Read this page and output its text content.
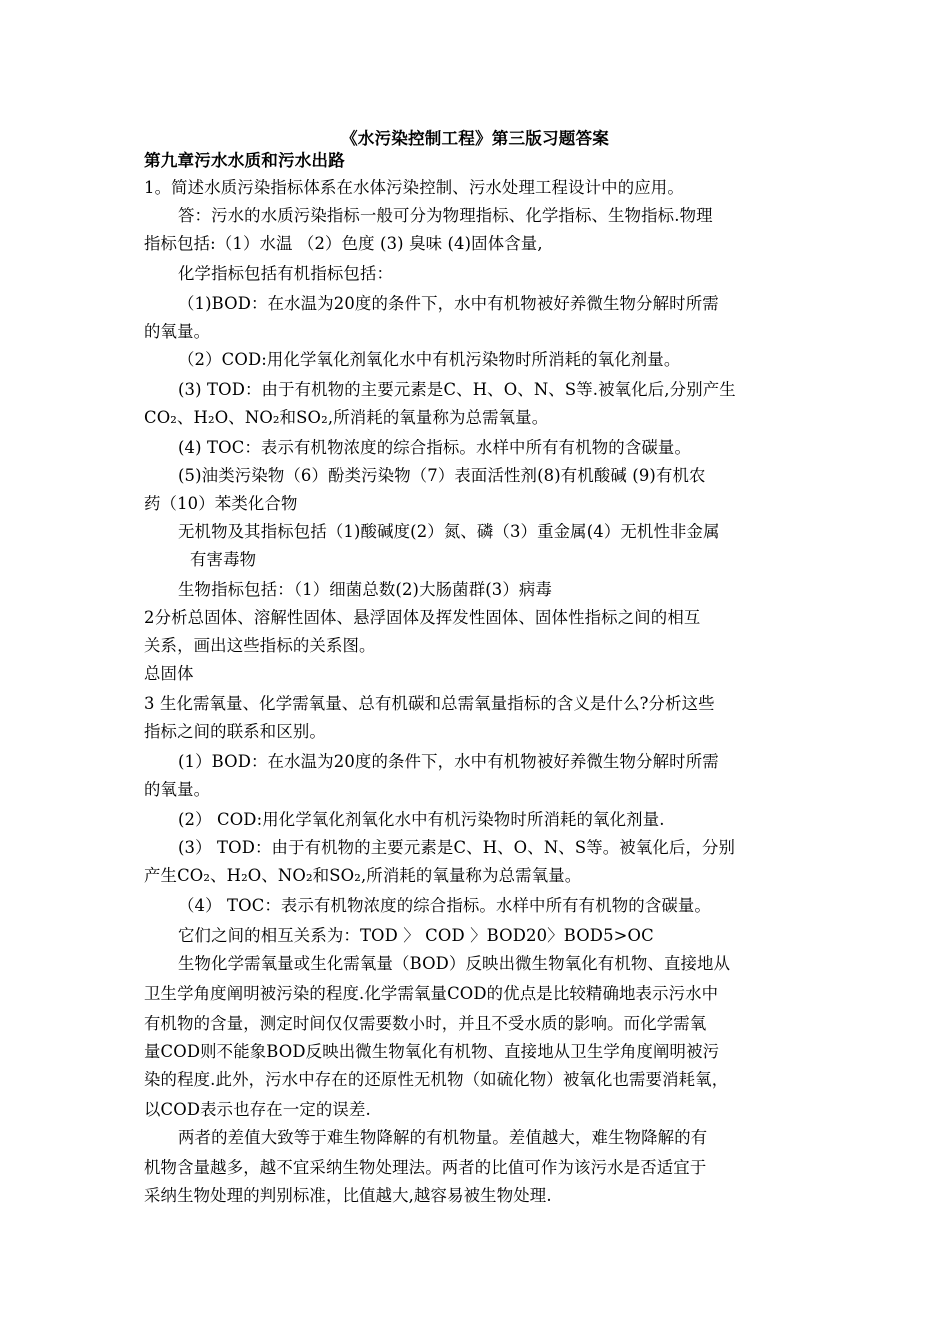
《水污染控制工程》第三版习题答案
第九章污水水质和污水出路
1。简述水质污染指标体系在水体污染控制、污水处理工程设计中的应用。
答：污水的水质污染指标一般可分为物理指标、化学指标、生物指标.物理
指标包括:（1）水温 （2）色度 (3) 臭味 (4)固体含量,
化学指标包括有机指标包括：
（1)BOD：在水温为20度的条件下，水中有机物被好养微生物分解时所需
的氧量。
（2）COD:用化学氧化剂氧化水中有机污染物时所消耗的氧化剂量。
(3) TOD：由于有机物的主要元素是C、H、O、N、S等.被氧化后,分别产生
CO₂、H₂O、NO₂和SO₂,所消耗的氧量称为总需氧量。
(4) TOC：表示有机物浓度的综合指标。水样中所有有机物的含碳量。
(5)油类污染物（6）酚类污染物（7）表面活性剂(8)有机酸碱 (9)有机农
药（10）苯类化合物
无机物及其指标包括（1)酸碱度(2）氮、磷（3）重金属(4）无机性非金属
有害毒物
生物指标包括：（1）细菌总数(2)大肠菌群(3）病毒
2分析总固体、溶解性固体、悬浮固体及挥发性固体、固体性指标之间的相互
关系，画出这些指标的关系图。
总固体
3 生化需氧量、化学需氧量、总有机碳和总需氧量指标的含义是什么?分析这些
指标之间的联系和区别。
(1）BOD：在水温为20度的条件下，水中有机物被好养微生物分解时所需
的氧量。
(2） COD:用化学氧化剂氧化水中有机污染物时所消耗的氧化剂量.
(3） TOD：由于有机物的主要元素是C、H、O、N、S等。被氧化后，分别
产生CO₂、H₂O、NO₂和SO₂,所消耗的氧量称为总需氧量。
（4） TOC：表示有机物浓度的综合指标。水样中所有有机物的含碳量。
它们之间的相互关系为：TOD 〉 COD 〉BOD20〉BOD5>OC
生物化学需氧量或生化需氧量（BOD）反映出微生物氧化有机物、直接地从
卫生学角度阐明被污染的程度.化学需氧量COD的优点是比较精确地表示污水中
有机物的含量，测定时间仅仅需要数小时，并且不受水质的影响。而化学需氧
量COD则不能象BOD反映出微生物氧化有机物、直接地从卫生学角度阐明被污
染的程度.此外，污水中存在的还原性无机物（如硫化物）被氧化也需要消耗氧，
以COD表示也存在一定的误差.
两者的差值大致等于难生物降解的有机物量。差值越大，难生物降解的有
机物含量越多，越不宜采纳生物处理法。两者的比值可作为该污水是否适宜于
采纳生物处理的判别标准，比值越大,越容易被生物处理.
